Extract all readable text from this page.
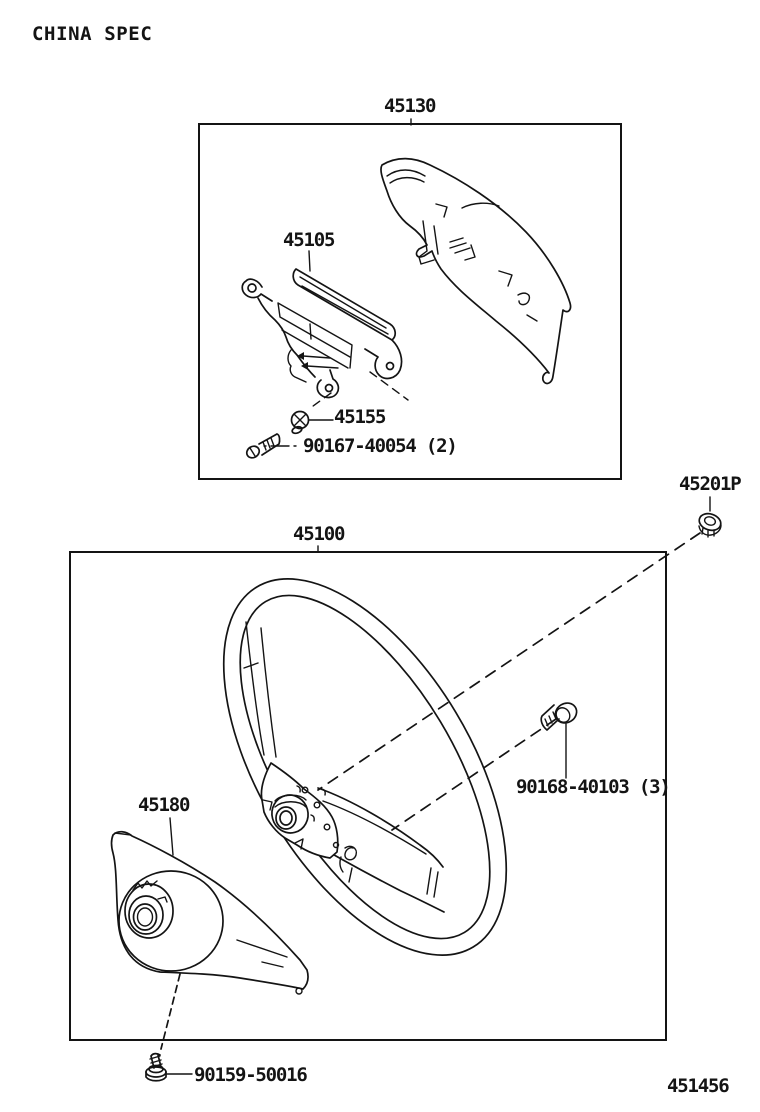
CHINA SPEC
45130
45105
45155
90167-40054 (2)
45201P
45100
90168-40103 (3)
45180
90159-50016	451456
